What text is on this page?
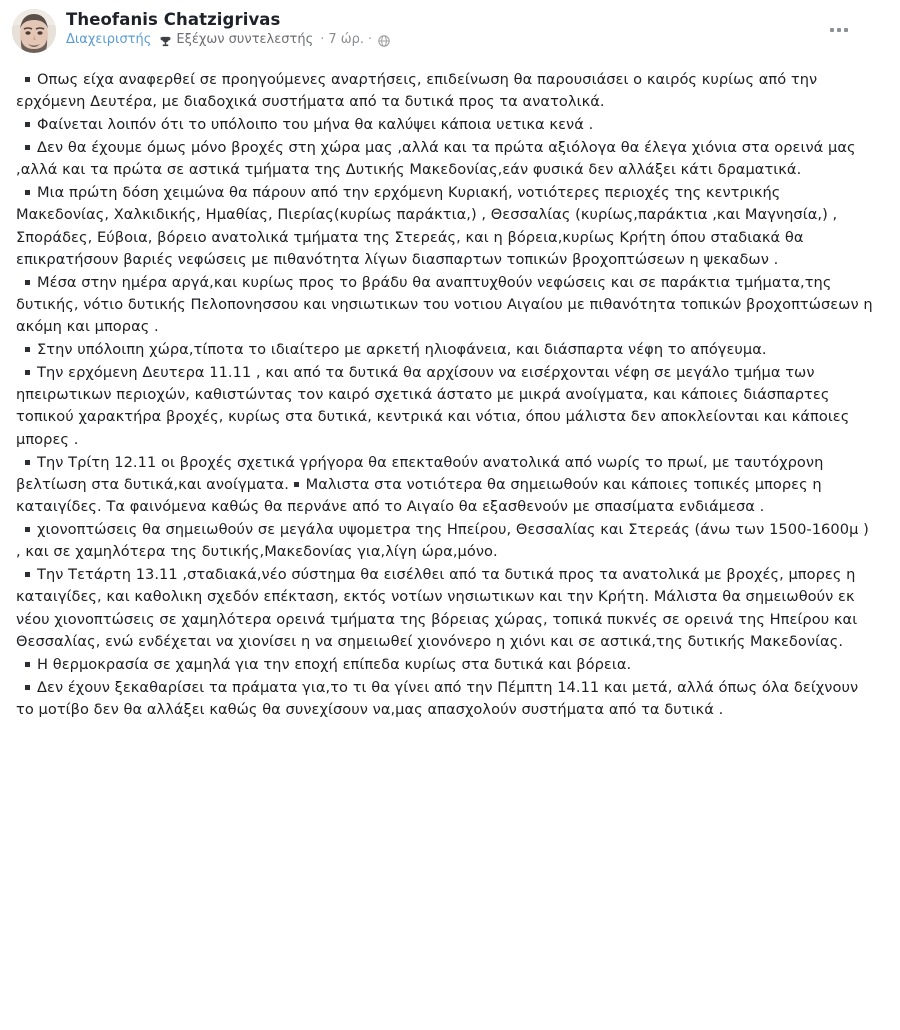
Theofanis Chatzigrivas
Διαχειριστής Εξέχων συντελεστής · 7 ώρ. ·

Οπως είχα αναφερθεί σε προηγούμενες αναρτήσεις, επιδείνωση θα παρουσιάσει ο καιρός κυρίως από την ερχόμενη Δευτέρα, με διαδοχικά συστήματα από τα δυτικά προς τα ανατολικά.

Φαίνεται λοιπόν ότι το υπόλοιπο του μήνα θα καλύψει κάποια υετικα κενά .

Δεν θα έχουμε όμως μόνο βροχές στη χώρα μας ,αλλά και τα πρώτα αξιόλογα θα έλεγα χιόνια στα ορεινά μας ,αλλά και τα πρώτα σε αστικά τμήματα της Δυτικής Μακεδονίας,εάν φυσικά δεν αλλάξει κάτι δραματικά.

Μια πρώτη δόση χειμώνα θα πάρουν από την ερχόμενη Κυριακή, νοτιότερες περιοχές της κεντρικής Μακεδονίας, Χαλκιδικής, Ημαθίας, Πιερίας(κυρίως παράκτια,) , Θεσσαλίας (κυρίως,παράκτια ,και Μαγνησία,) , Σποράδες, Εύβοια, βόρειο ανατολικά τμήματα της Στερεάς, και η βόρεια,κυρίως Κρήτη όπου σταδιακά θα επικρατήσουν βαριές νεφώσεις με πιθανότητα λίγων διασπαρτων τοπικών βροχοπτώσεων η ψεκαδων .

Μέσα στην ημέρα αργά,και κυρίως προς το βράδυ θα αναπτυχθούν νεφώσεις και σε παράκτια τμήματα,της δυτικής, νότιο δυτικής Πελοπονησσου και νησιωτικων του νοτιου Αιγαίου με πιθανότητα τοπικών βροχοπτώσεων η ακόμη και μπορας .

Στην υπόλοιπη χώρα,τίποτα το ιδιαίτερο με αρκετή ηλιοφάνεια, και διάσπαρτα νέφη το απόγευμα.

Την ερχόμενη Δευτερα 11.11 , και από τα δυτικά θα αρχίσουν να εισέρχονται νέφη σε μεγάλο τμήμα των ηπειρωτικων περιοχών, καθιστώντας τον καιρό σχετικά άστατο με μικρά ανοίγματα, και κάποιες διάσπαρτες τοπικού χαρακτήρα βροχές, κυρίως στα δυτικά, κεντρικά και νότια, όπου μάλιστα δεν αποκλείονται και κάποιες μπορες .

Την Τρίτη 12.11 οι βροχές σχετικά γρήγορα θα επεκταθούν ανατολικά από νωρίς το πρωί, με ταυτόχρονη βελτίωση στα δυτικά,και ανοίγματα. Μαλιστα στα νοτιότερα θα σημειωθούν και κάποιες τοπικές μπορες η καταιγίδες. Τα φαινόμενα καθώς θα περνάνε από το Αιγαίο θα εξασθενούν με σπασίματα ενδιάμεσα .

χιονοπτώσεις θα σημειωθούν σε μεγάλα υψομετρα της Ηπείρου, Θεσσαλίας και Στερεάς (άνω των 1500-1600μ ) , και σε χαμηλότερα της δυτικής,Μακεδονίας για,λίγη ώρα,μόνο.

Την Τετάρτη 13.11 ,σταδιακά,νέο σύστημα θα εισέλθει από τα δυτικά προς τα ανατολικά με βροχές, μπορες η καταιγίδες, και καθολικη σχεδόν επέκταση, εκτός νοτίων νησιωτικων και την Κρήτη. Μάλιστα θα σημειωθούν εκ νέου χιονοπτώσεις σε χαμηλότερα ορεινά τμήματα της βόρειας χώρας, τοπικά πυκνές σε ορεινά της Ηπείρου και Θεσσαλίας, ενώ ενδέχεται να χιονίσει η να σημειωθεί χιονόνερο η χιόνι και σε αστικά,της δυτικής Μακεδονίας.

Η θερμοκρασία σε χαμηλά για την εποχή επίπεδα κυρίως στα δυτικά και βόρεια.

Δεν έχουν ξεκαθαρίσει τα πράματα για,το τι θα γίνει από την Πέμπτη 14.11 και μετά, αλλά όπως όλα δείχνουν το μοτίβο δεν θα αλλάξει καθώς θα συνεχίσουν να,μας απασχολούν συστήματα από τα δυτικά .
